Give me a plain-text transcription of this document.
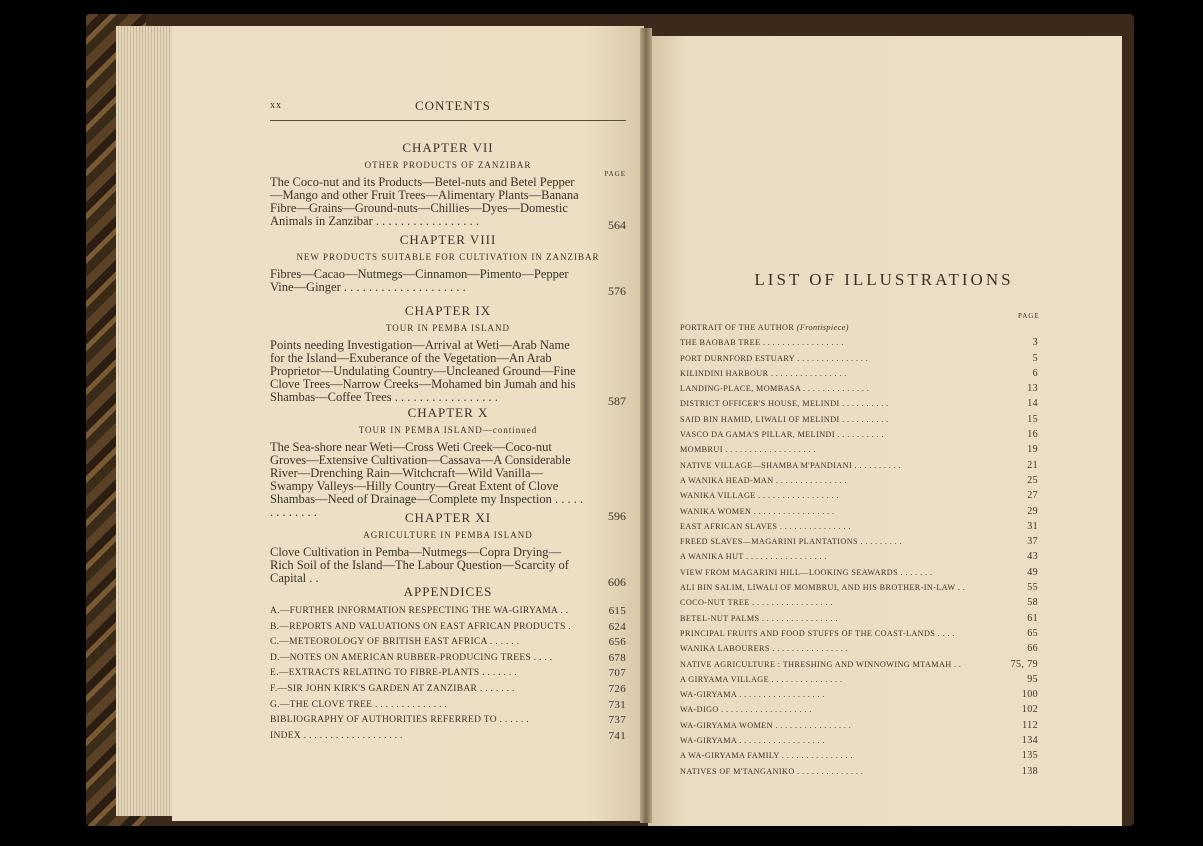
xx	CONTENTS
CHAPTER VII
OTHER PRODUCTS OF ZANZIBAR
PAGE
The Coco-nut and its Products—Betel-nuts and Betel Pepper—Mango and other Fruit Trees—Alimentary Plants—Banana Fibre—Grains—Ground-nuts—Chillies—Dyes—Domestic Animals in Zanzibar . . . . . . . . . . . . . . . . .	564
CHAPTER VIII
NEW PRODUCTS SUITABLE FOR CULTIVATION IN ZANZIBAR
Fibres—Cacao—Nutmegs—Cinnamon—Pimento—Pepper Vine—Ginger . . . . . . . . . . . . . . . . . . . .	576
CHAPTER IX
TOUR IN PEMBA ISLAND
Points needing Investigation—Arrival at Weti—Arab Name for the Island—Exuberance of the Vegetation—An Arab Proprietor—Undulating Country—Uncleaned Ground—Fine Clove Trees—Narrow Creeks—Mohamed bin Jumah and his Shambas—Coffee Trees . . . . . . . . . . . . . . . . .	587
CHAPTER X
TOUR IN PEMBA ISLAND—continued
The Sea-shore near Weti—Cross Weti Creek—Coco-nut Groves—Extensive Cultivation—Cassava—A Considerable River—Drenching Rain—Witchcraft—Wild Vanilla—Swampy Valleys—Hilly Country—Great Extent of Clove Shambas—Need of Drainage—Complete my Inspection . . . . . . . . . . . . .	596
CHAPTER XI
AGRICULTURE IN PEMBA ISLAND
Clove Cultivation in Pemba—Nutmegs—Copra Drying—Rich Soil of the Island—The Labour Question—Scarcity of Capital . .	606
APPENDICES
A.—FURTHER INFORMATION RESPECTING THE WA-GIRYAMA . .	615
B.—REPORTS AND VALUATIONS ON EAST AFRICAN PRODUCTS .	624
C.—METEOROLOGY OF BRITISH EAST AFRICA . . . . . .	656
D.—NOTES ON AMERICAN RUBBER-PRODUCING TREES . . . .	678
E.—EXTRACTS RELATING TO FIBRE-PLANTS . . . . . . .	707
F.—SIR JOHN KIRK'S GARDEN AT ZANZIBAR . . . . . . .	726
G.—THE CLOVE TREE . . . . . . . . . . . . . .	731
BIBLIOGRAPHY OF AUTHORITIES REFERRED TO . . . . . .	737
INDEX . . . . . . . . . . . . . . . . . . .	741
LIST OF ILLUSTRATIONS
PAGE
PORTRAIT OF THE AUTHOR (Frontispiece)
THE BAOBAB TREE . . . . . . . . . . . . . . . . .	3
PORT DURNFORD ESTUARY . . . . . . . . . . . . . . .	5
KILINDINI HARBOUR . . . . . . . . . . . . . . . .	6
LANDING-PLACE, MOMBASA . . . . . . . . . . . . . .	13
DISTRICT OFFICER'S HOUSE, MELINDI . . . . . . . . . .	14
SAID BIN HAMID, LIWALI OF MELINDI . . . . . . . . . .	15
VASCO DA GAMA'S PILLAR, MELINDI . . . . . . . . . .	16
MOMBRUI . . . . . . . . . . . . . . . . . . .	19
NATIVE VILLAGE—SHAMBA M'PANDIANI . . . . . . . . . .	21
A WANIKA HEAD-MAN . . . . . . . . . . . . . . .	25
WANIKA VILLAGE . . . . . . . . . . . . . . . . .	27
WANIKA WOMEN . . . . . . . . . . . . . . . . .	29
EAST AFRICAN SLAVES . . . . . . . . . . . . . . .	31
FREED SLAVES—MAGARINI PLANTATIONS . . . . . . . . .	37
A WANIKA HUT . . . . . . . . . . . . . . . . .	43
VIEW FROM MAGARINI HILL—LOOKING SEAWARDS . . . . . . .	49
ALI BIN SALIM, LIWALI OF MOMBRUI, AND HIS BROTHER-IN-LAW . .	55
COCO-NUT TREE . . . . . . . . . . . . . . . . .	58
BETEL-NUT PALMS . . . . . . . . . . . . . . . .	61
PRINCIPAL FRUITS AND FOOD STUFFS OF THE COAST-LANDS . . . .	65
WANIKA LABOURERS . . . . . . . . . . . . . . . .	66
NATIVE AGRICULTURE : THRESHING AND WINNOWING MTAMAH . .	75, 79
A GIRYAMA VILLAGE . . . . . . . . . . . . . . .	95
WA-GIRYAMA . . . . . . . . . . . . . . . . . .	100
WA-DIGO . . . . . . . . . . . . . . . . . . .	102
WA-GIRYAMA WOMEN . . . . . . . . . . . . . . . .	112
WA-GIRYAMA . . . . . . . . . . . . . . . . . .	134
A WA-GIRYAMA FAMILY . . . . . . . . . . . . . . .	135
NATIVES OF M'TANGANIKO . . . . . . . . . . . . . .	138
